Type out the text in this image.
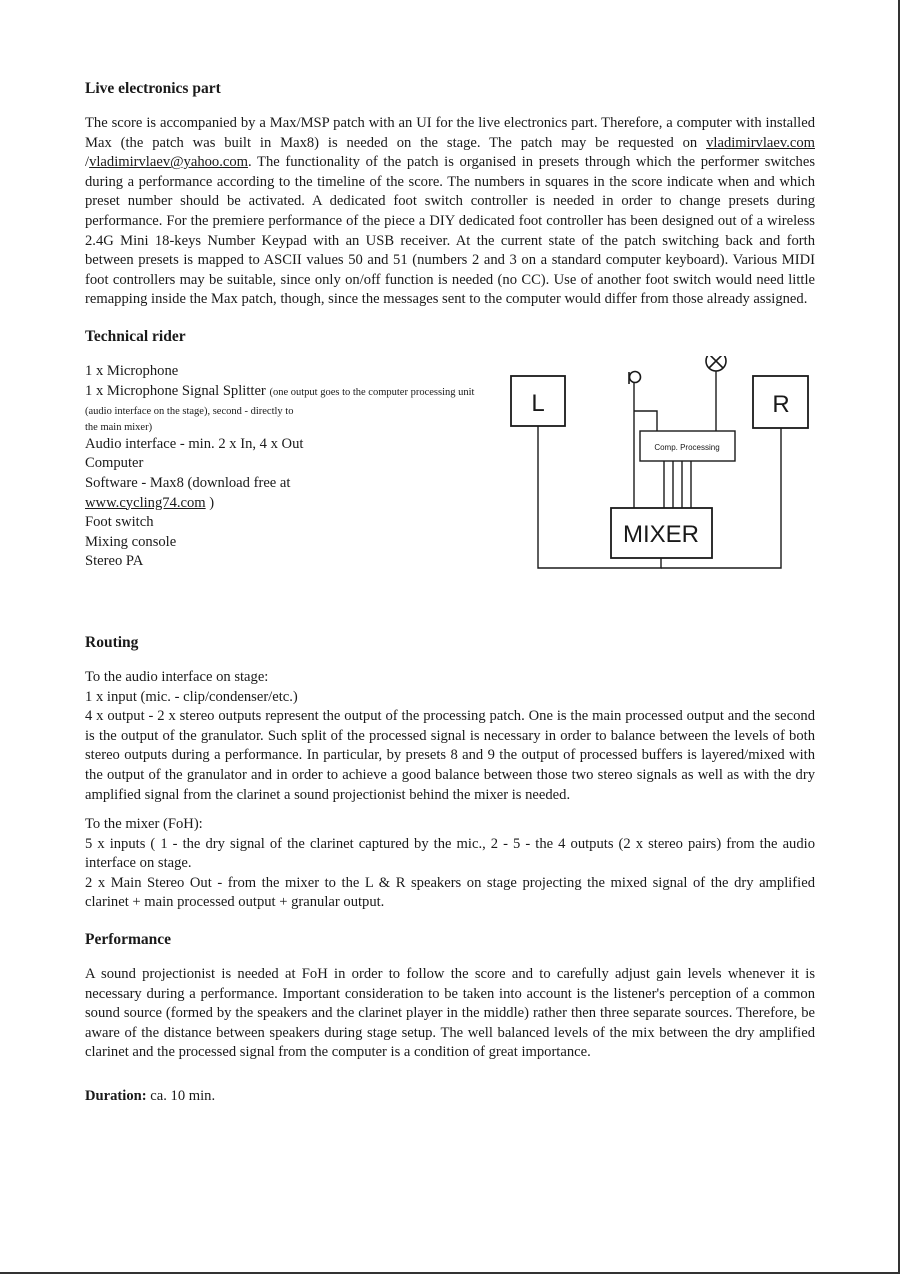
Live electronics part

The score is accompanied by a Max/MSP patch with an UI for the live electronics part. Therefore, a computer with installed Max (the patch was built in Max8) is needed on the stage. The patch may be requested on vladimirvlaev.com /vladimirvlaev@yahoo.com. The functionality of the patch is organised in presets through which the performer switches during a performance according to the timeline of the score. The numbers in squares in the score indicate when and which preset number should be activated. A dedicated foot switch controller is needed in order to change presets during performance. For the premiere performance of the piece a DIY dedicated foot controller has been designed out of a wireless 2.4G Mini 18-keys Number Keypad with an USB receiver. At the current state of the patch switching back and forth between presets is mapped to ASCII values 50 and 51 (numbers 2 and 3 on a standard computer keyboard). Various MIDI foot controllers may be suitable, since only on/off function is needed (no CC). Use of another foot switch would need little remapping inside the Max patch, though, since the messages sent to the computer would differ from those already assigned.

Technical rider
1 x Microphone
1 x Microphone Signal Splitter (one output goes to the computer processing unit (audio interface on the stage), second - directly to
the main mixer)
Audio interface - min. 2 x In, 4 x Out
Computer
Software - Max8 (download free at
www.cycling74.com )
Foot switch
Mixing console
Stereo PA
L	R
Comp. Processing
MIXER
Routing

To the audio interface on stage:

1 x input (mic. - clip/condenser/etc.)

4 x output - 2 x stereo outputs represent the output of the processing patch. One is the main processed output and the second is the output of the granulator. Such split of the processed signal is necessary in order to balance between the levels of both stereo outputs during a performance. In particular, by presets 8 and 9 the output of processed buffers is layered/mixed with the output of the granulator and in order to achieve a good balance between those two stereo signals as well as with the dry amplified signal from the clarinet a sound projectionist behind the mixer is needed.

To the mixer (FoH):

5 x inputs ( 1 - the dry signal of the clarinet captured by the mic., 2 - 5 - the 4 outputs (2 x stereo pairs) from the audio interface on stage.

2 x Main Stereo Out - from the mixer to the L & R speakers on stage projecting the mixed signal of the dry amplified clarinet + main processed output + granular output.

Performance

A sound projectionist is needed at FoH in order to follow the score and to carefully adjust gain levels whenever it is necessary during a performance. Important consideration to be taken into account is the listener's perception of a common sound source (formed by the speakers and the clarinet player in the middle) rather then three separate sources. Therefore, be aware of the distance between speakers during stage setup. The well balanced levels of the mix between the dry amplified clarinet and the processed signal from the computer is a condition of great importance.

Duration: ca. 10 min.
